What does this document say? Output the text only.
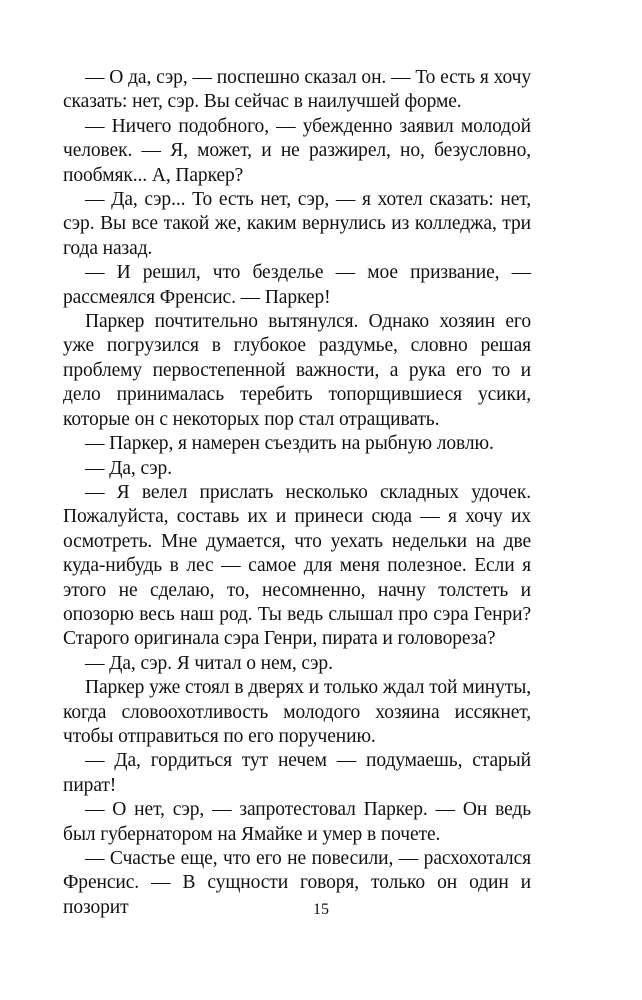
— О да, сэр, — поспешно сказал он. — То есть я хочу сказать: нет, сэр. Вы сейчас в наилучшей форме.

— Ничего подобного, — убежденно заявил молодой человек. — Я, может, и не разжирел, но, безусловно, пообмяк... А, Паркер?

— Да, сэр... То есть нет, сэр, — я хотел сказать: нет, сэр. Вы все такой же, каким вернулись из колледжа, три года назад.

— И решил, что безделье — мое призвание, — рассмеялся Френсис. — Паркер!

Паркер почтительно вытянулся. Однако хозяин его уже погрузился в глубокое раздумье, словно решая проблему первостепенной важности, а рука его то и дело принималась теребить топорщившиеся усики, которые он с некоторых пор стал отращивать.

— Паркер, я намерен съездить на рыбную ловлю.

— Да, сэр.

— Я велел прислать несколько складных удочек. Пожалуйста, составь их и принеси сюда — я хочу их осмотреть. Мне думается, что уехать недельки на две куда-нибудь в лес — самое для меня полезное. Если я этого не сделаю, то, несомненно, начну толстеть и опозорю весь наш род. Ты ведь слышал про сэра Генри? Старого оригинала сэра Генри, пирата и головореза?

— Да, сэр. Я читал о нем, сэр.

Паркер уже стоял в дверях и только ждал той минуты, когда словоохотливость молодого хозяина иссякнет, чтобы отправиться по его поручению.

— Да, гордиться тут нечем — подумаешь, старый пират!

— О нет, сэр, — запротестовал Паркер. — Он ведь был губернатором на Ямайке и умер в почете.

— Счастье еще, что его не повесили, — расхохотался Френсис. — В сущности говоря, только он один и позорит	15
